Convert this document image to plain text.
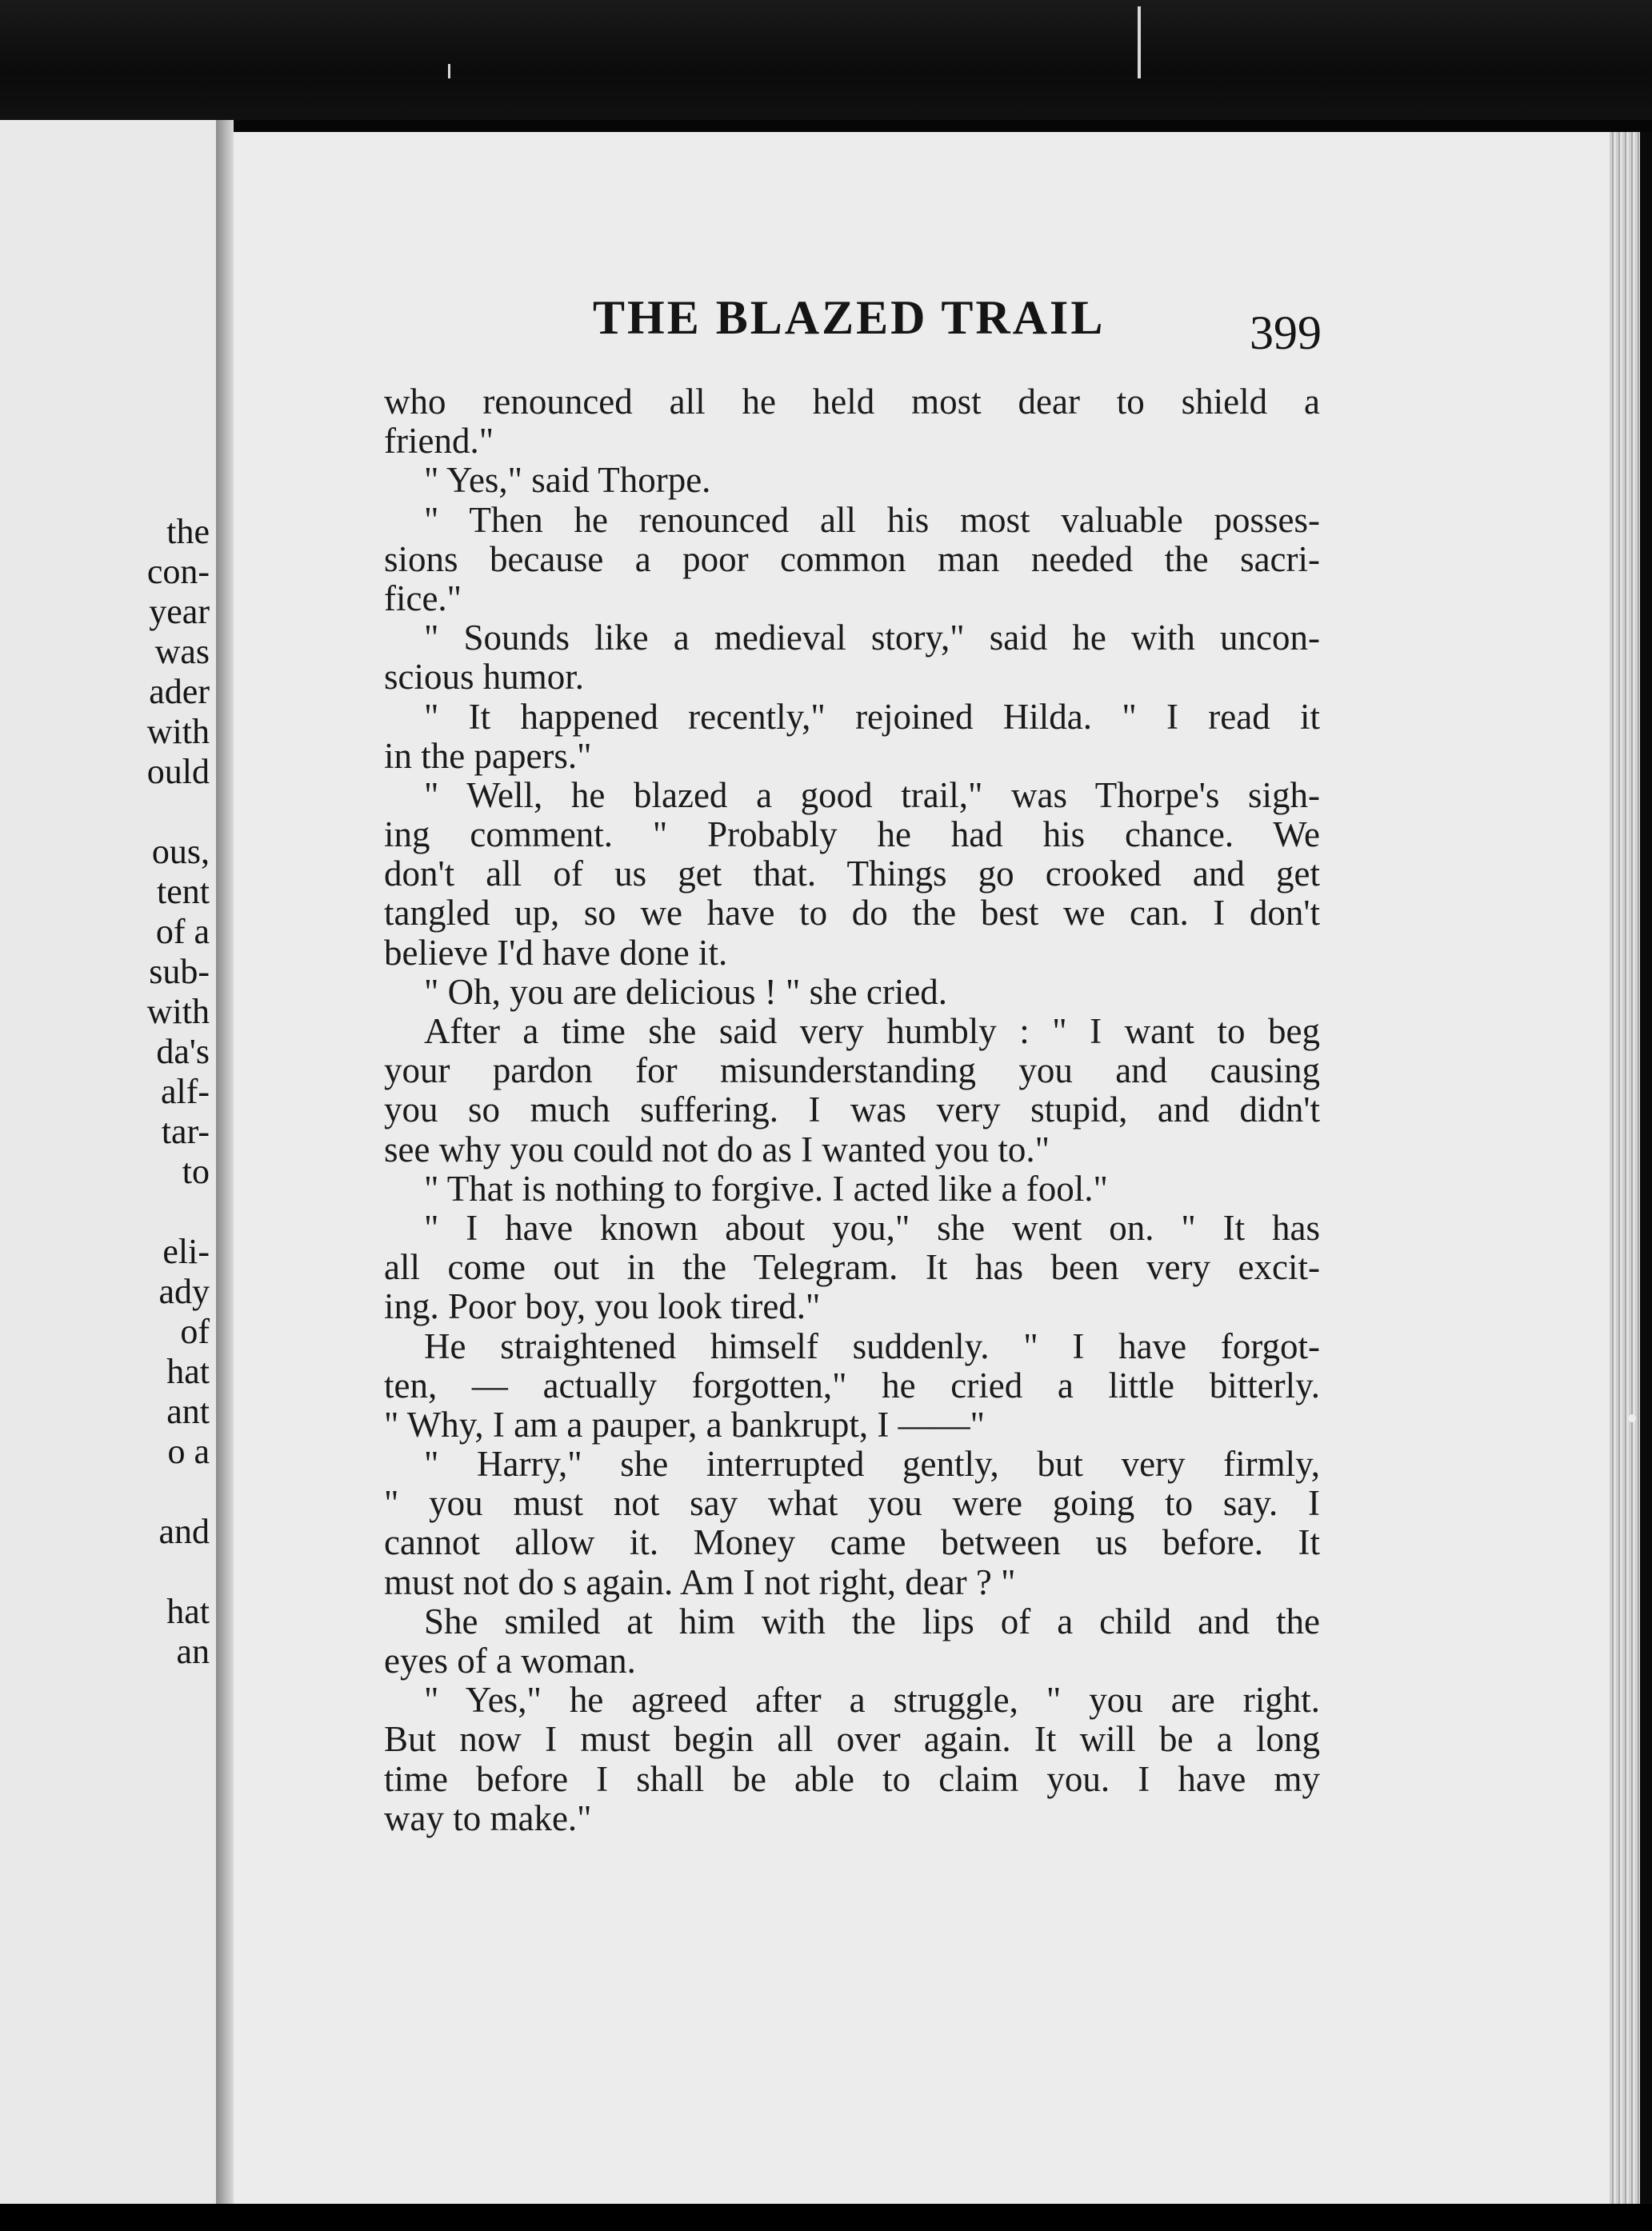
the
con-
year
was
ader
with
ould
ous,
tent
of a
sub-
with
da's
alf-
tar-
to
eli-
ady
of
hat
ant
o a
and
hat
an
THE BLAZED TRAIL	399
who renounced all he held most dear to shield a
friend."
" Yes," said Thorpe.
" Then he renounced all his most valuable posses-
sions because a poor common man needed the sacri-
fice."
" Sounds like a medieval story," said he with uncon-
scious humor.
" It happened recently," rejoined Hilda. " I read it
in the papers."
" Well, he blazed a good trail," was Thorpe's sigh-
ing comment. " Probably he had his chance. We
don't all of us get that. Things go crooked and get
tangled up, so we have to do the best we can. I don't
believe I'd have done it.
" Oh, you are delicious ! " she cried.
After a time she said very humbly : " I want to beg
your pardon for misunderstanding you and causing
you so much suffering. I was very stupid, and didn't
see why you could not do as I wanted you to."
" That is nothing to forgive. I acted like a fool."
" I have known about you," she went on. " It has
all come out in the Telegram. It has been very excit-
ing. Poor boy, you look tired."
He straightened himself suddenly. " I have forgot-
ten, — actually forgotten," he cried a little bitterly.
" Why, I am a pauper, a bankrupt, I ——"
" Harry," she interrupted gently, but very firmly,
" you must not say what you were going to say. I
cannot allow it. Money came between us before. It
must not do s again. Am I not right, dear ? "
She smiled at him with the lips of a child and the
eyes of a woman.
" Yes," he agreed after a struggle, " you are right.
But now I must begin all over again. It will be a long
time before I shall be able to claim you. I have my
way to make."
